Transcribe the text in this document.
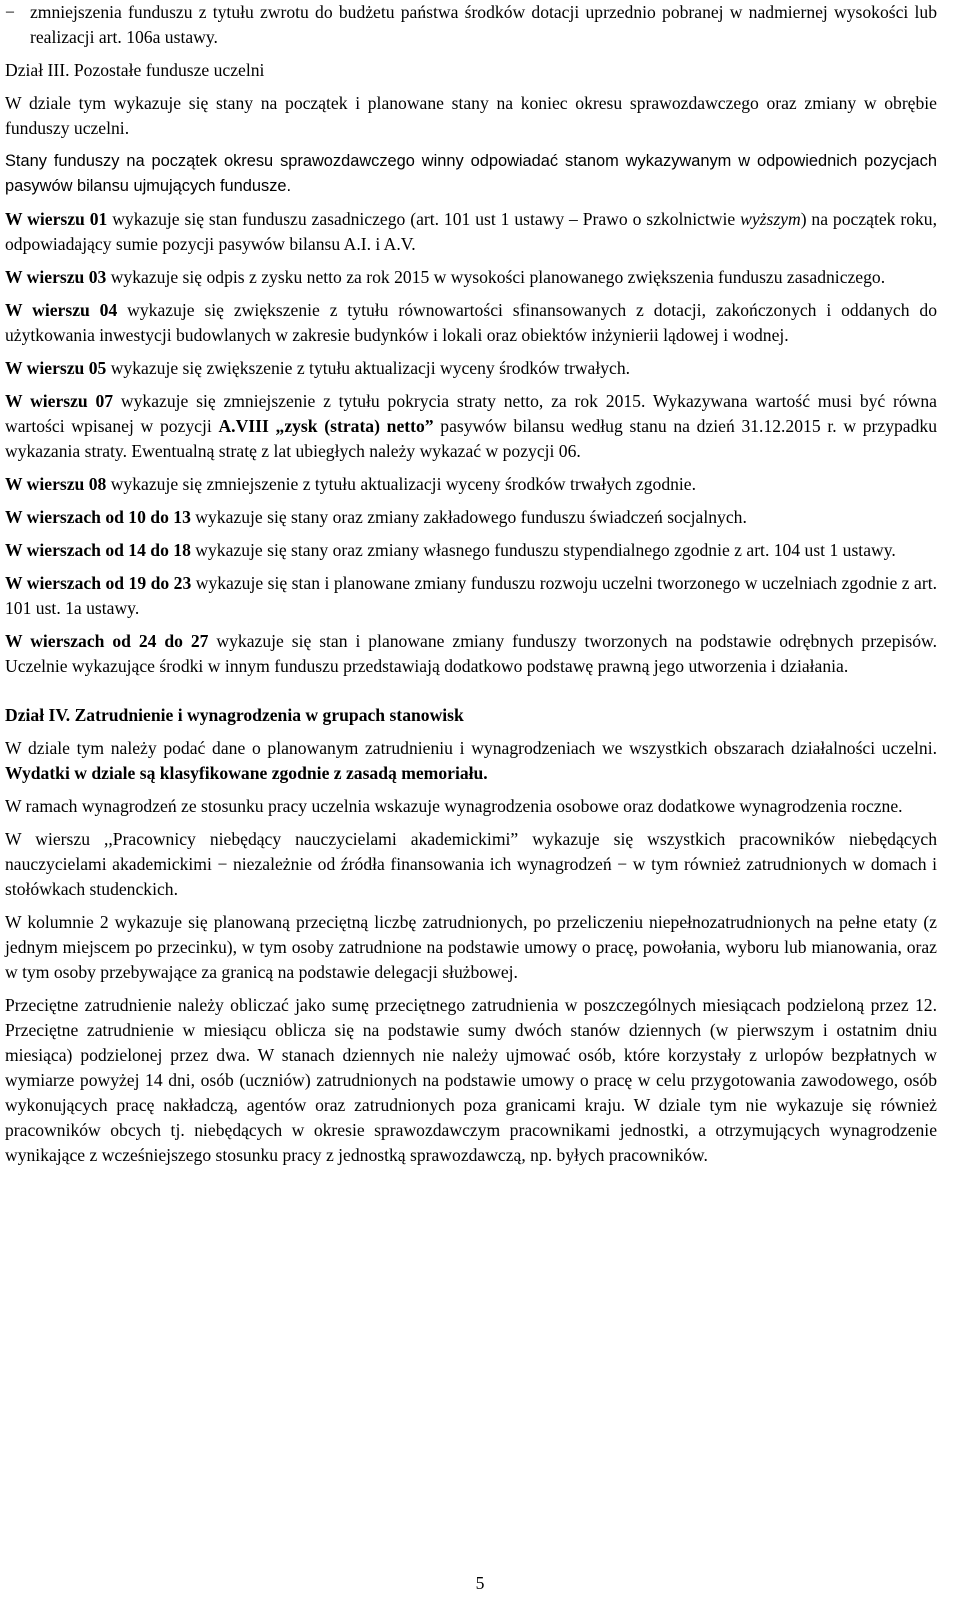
− zmniejszenia funduszu z tytułu zwrotu do budżetu państwa środków dotacji uprzednio pobranej w nadmiernej wysokości lub realizacji art. 106a ustawy.

Dział III. Pozostałe fundusze uczelni

W dziale tym wykazuje się stany na początek i planowane stany na koniec okresu sprawozdawczego oraz zmiany w obrębie funduszy uczelni.

Stany funduszy na początek okresu sprawozdawczego winny odpowiadać stanom wykazywanym w odpowiednich pozycjach pasywów bilansu ujmujących fundusze.

W wierszu 01 wykazuje się stan funduszu zasadniczego (art. 101 ust 1 ustawy – Prawo o szkolnictwie wyższym) na początek roku, odpowiadający sumie pozycji pasywów bilansu A.I. i A.V.

W wierszu 03 wykazuje się odpis z zysku netto za rok 2015 w wysokości planowanego zwiększenia funduszu zasadniczego.

W wierszu 04 wykazuje się zwiększenie z tytułu równowartości sfinansowanych z dotacji, zakończonych i oddanych do użytkowania inwestycji budowlanych w zakresie budynków i lokali oraz obiektów inżynierii lądowej i wodnej.

W wierszu 05 wykazuje się zwiększenie z tytułu aktualizacji wyceny środków trwałych.

W wierszu 07 wykazuje się zmniejszenie z tytułu pokrycia straty netto, za rok 2015. Wykazywana wartość musi być równa wartości wpisanej w pozycji A.VIII „zysk (strata) netto” pasywów bilansu według stanu na dzień 31.12.2015 r. w przypadku wykazania straty. Ewentualną stratę z lat ubiegłych należy wykazać w pozycji 06.

W wierszu 08 wykazuje się zmniejszenie z tytułu aktualizacji wyceny środków trwałych zgodnie.

W wierszach od 10 do 13 wykazuje się stany oraz zmiany zakładowego funduszu świadczeń socjalnych.

W wierszach od 14 do 18 wykazuje się stany oraz zmiany własnego funduszu stypendialnego zgodnie z art. 104 ust 1 ustawy.

W wierszach od 19 do 23 wykazuje się stan i planowane zmiany funduszu rozwoju uczelni tworzonego w uczelniach zgodnie z art. 101 ust. 1a ustawy.

W wierszach od 24 do 27 wykazuje się stan i planowane zmiany funduszy tworzonych na podstawie odrębnych przepisów. Uczelnie wykazujące środki w innym funduszu przedstawiają dodatkowo podstawę prawną jego utworzenia i działania.

Dział IV. Zatrudnienie i wynagrodzenia w grupach stanowisk

W dziale tym należy podać dane o planowanym zatrudnieniu i wynagrodzeniach we wszystkich obszarach działalności uczelni. Wydatki w dziale są klasyfikowane zgodnie z zasadą memoriału.

W ramach wynagrodzeń ze stosunku pracy uczelnia wskazuje wynagrodzenia osobowe oraz dodatkowe wynagrodzenia roczne.

W wierszu ,,Pracownicy niebędący nauczycielami akademickimi” wykazuje się wszystkich pracowników niebędących nauczycielami akademickimi − niezależnie od źródła finansowania ich wynagrodzeń − w tym również zatrudnionych w domach i stołówkach studenckich.

W kolumnie 2 wykazuje się planowaną przeciętną liczbę zatrudnionych, po przeliczeniu niepełnozatrudnionych na pełne etaty (z jednym miejscem po przecinku), w tym osoby zatrudnione na podstawie umowy o pracę, powołania, wyboru lub mianowania, oraz w tym osoby przebywające za granicą na podstawie delegacji służbowej.

Przeciętne zatrudnienie należy obliczać jako sumę przeciętnego zatrudnienia w poszczególnych miesiącach podzieloną przez 12. Przeciętne zatrudnienie w miesiącu oblicza się na podstawie sumy dwóch stanów dziennych (w pierwszym i ostatnim dniu miesiąca) podzielonej przez dwa. W stanach dziennych nie należy ujmować osób, które korzystały z urlopów bezpłatnych w wymiarze powyżej 14 dni, osób (uczniów) zatrudnionych na podstawie umowy o pracę w celu przygotowania zawodowego, osób wykonujących pracę nakładczą, agentów oraz zatrudnionych poza granicami kraju. W dziale tym nie wykazuje się również pracowników obcych tj. niebędących w okresie sprawozdawczym pracownikami jednostki, a otrzymujących wynagrodzenie wynikające z wcześniejszego stosunku pracy z jednostką sprawozdawczą, np. byłych pracowników.

5
